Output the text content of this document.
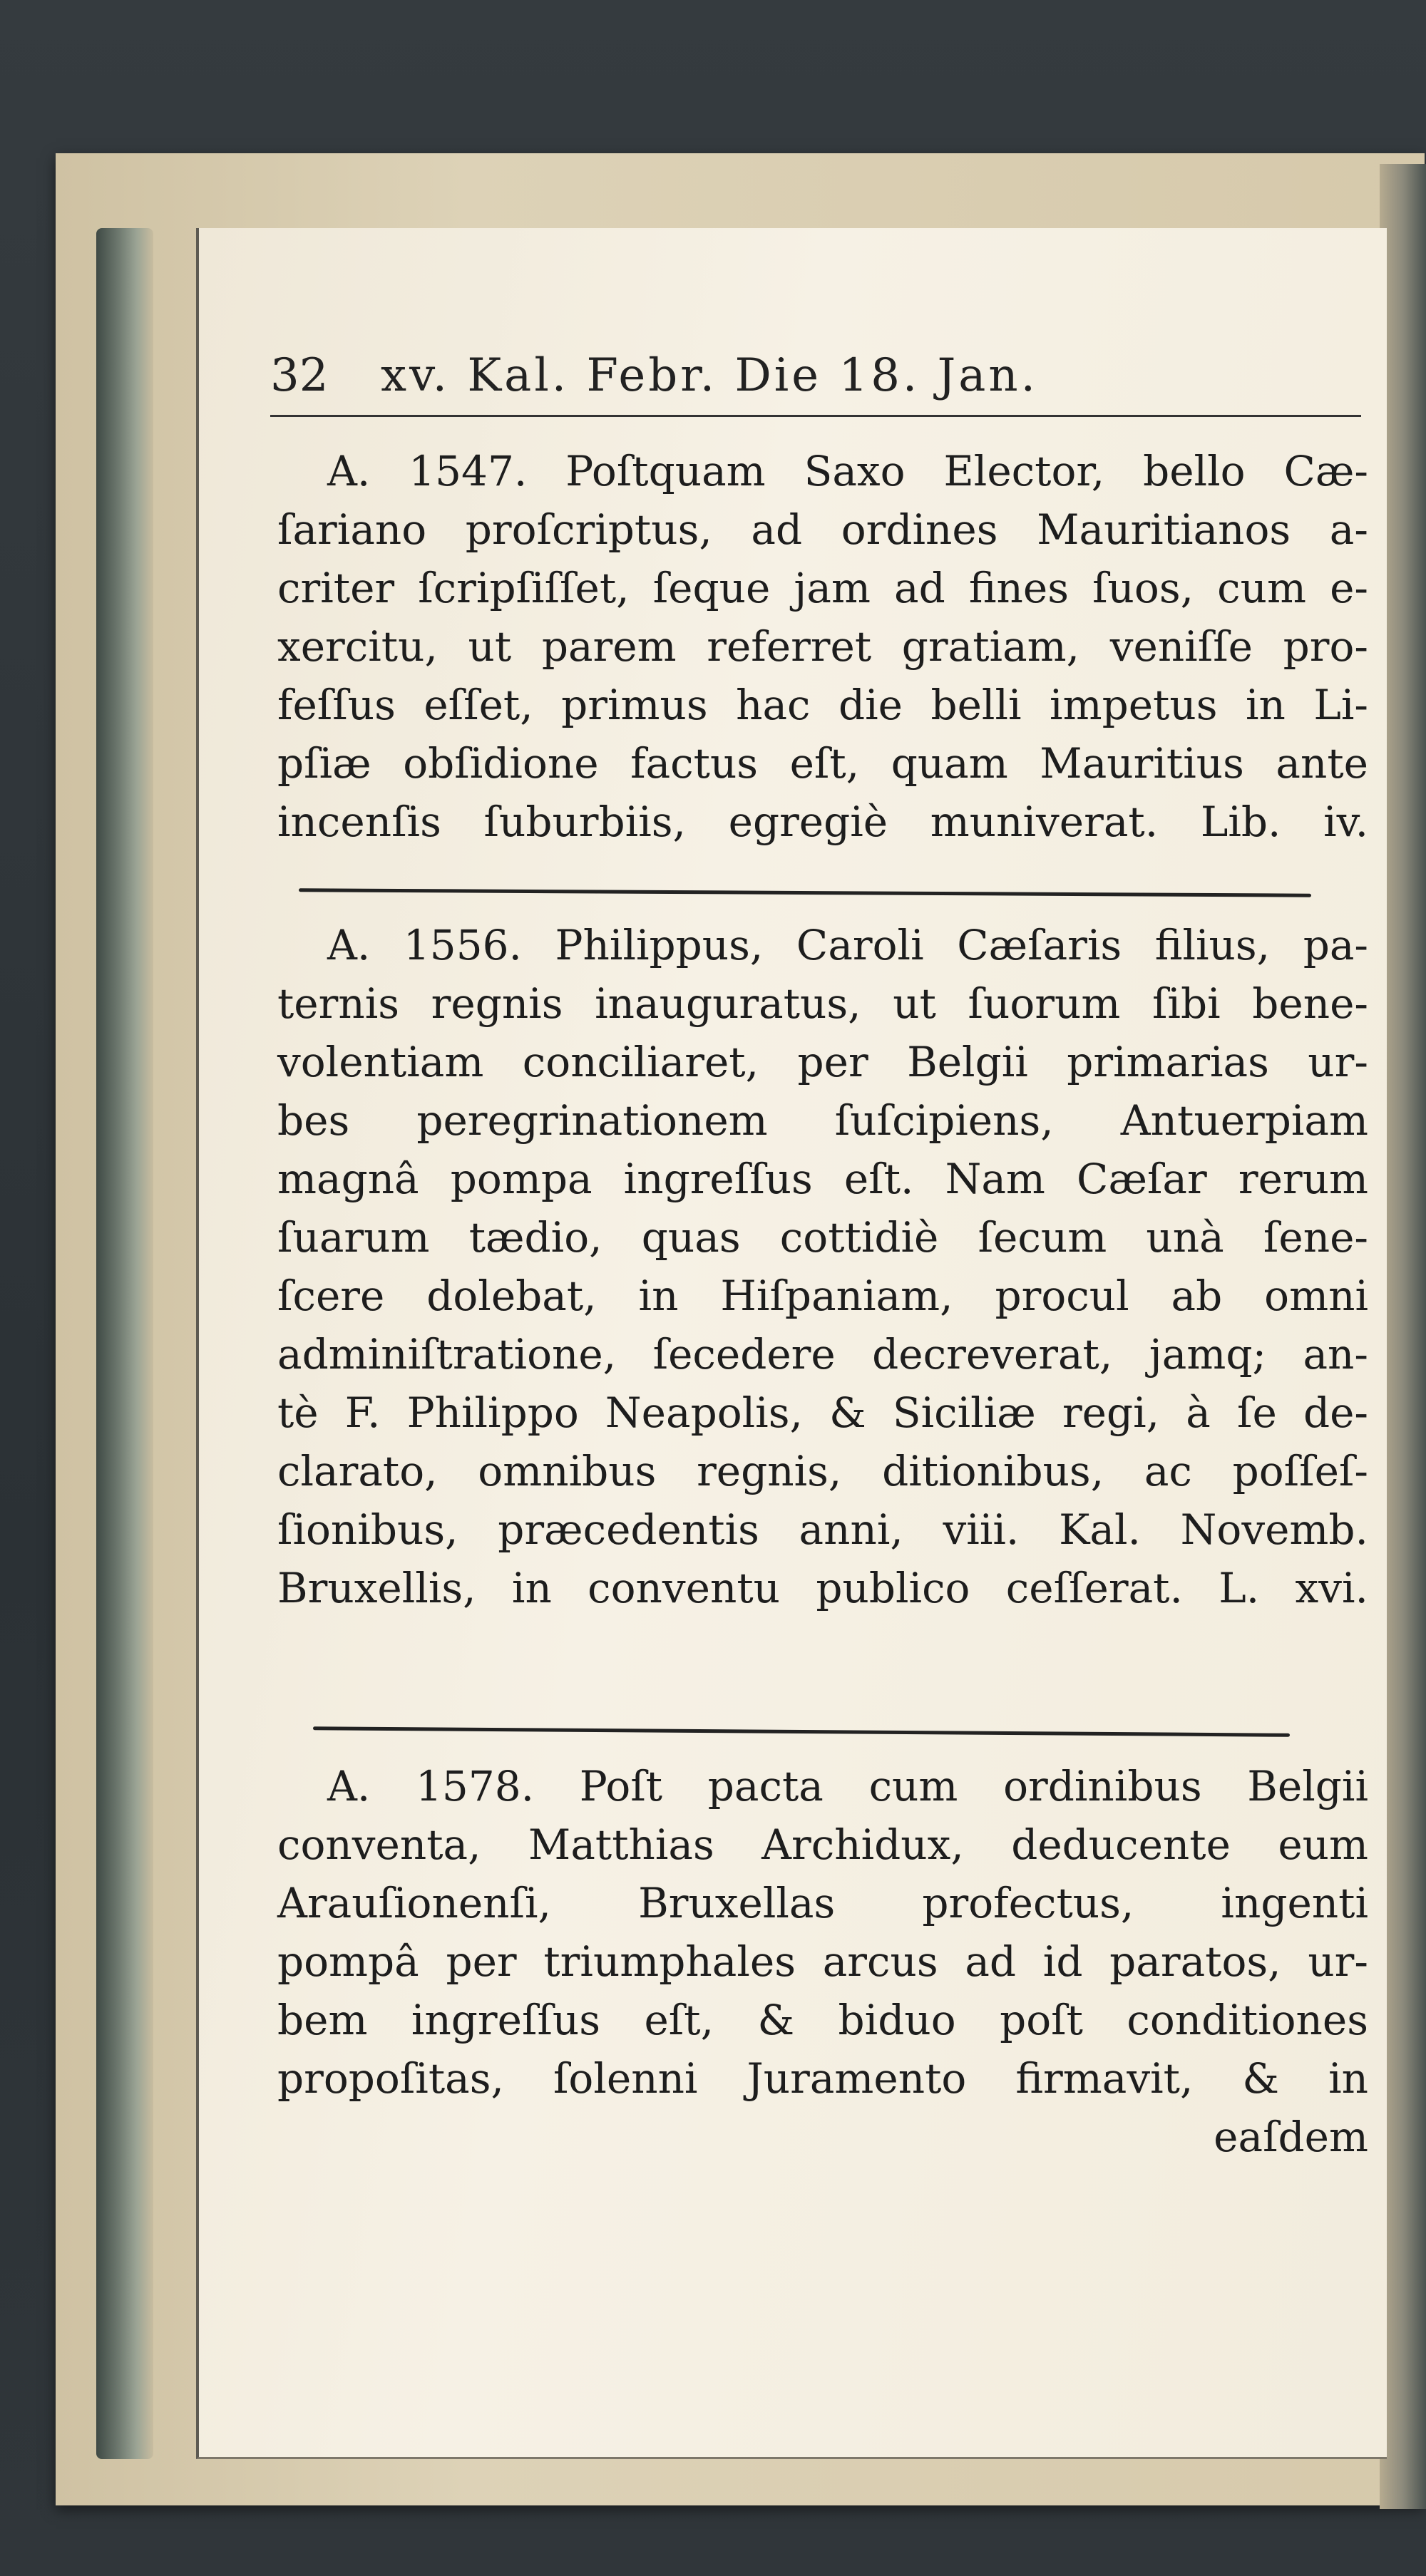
32 xv. Kal. Febr. Die 18. Jan.
A. 1547. Poſtquam Saxo Elector, bello Cæ-
ſariano proſcriptus, ad ordines Mauritianos a-
criter ſcripſiſſet, ſeque jam ad fines ſuos, cum e-
xercitu, ut parem referret gratiam, veniſſe pro-
feſſus eſſet, primus hac die belli impetus in Li-
pſiæ obſidione factus eſt, quam Mauritius ante
incenſis ſuburbiis, egregiè muniverat. Lib. iv.
A. 1556. Philippus, Caroli Cæſaris filius, pa-
ternis regnis inauguratus, ut ſuorum ſibi bene-
volentiam conciliaret, per Belgii primarias ur-
bes peregrinationem ſuſcipiens, Antuerpiam
magnâ pompa ingreſſus eſt. Nam Cæſar rerum
ſuarum tædio, quas cottidiè ſecum unà ſene-
ſcere dolebat, in Hiſpaniam, procul ab omni
adminiſtratione, ſecedere decreverat, jamq; an-
tè F. Philippo Neapolis, & Siciliæ regi, à ſe de-
clarato, omnibus regnis, ditionibus, ac poſſeſ-
ſionibus, præcedentis anni, viii. Kal. Novemb.
Bruxellis, in conventu publico ceſſerat. L. xvi.
A. 1578. Poſt pacta cum ordinibus Belgii
conventa, Matthias Archidux, deducente eum
Arauſionenſi, Bruxellas profectus, ingenti
pompâ per triumphales arcus ad id paratos, ur-
bem ingreſſus eſt, & biduo poſt conditiones
propoſitas, ſolenni Juramento firmavit, & in
eaſdem
